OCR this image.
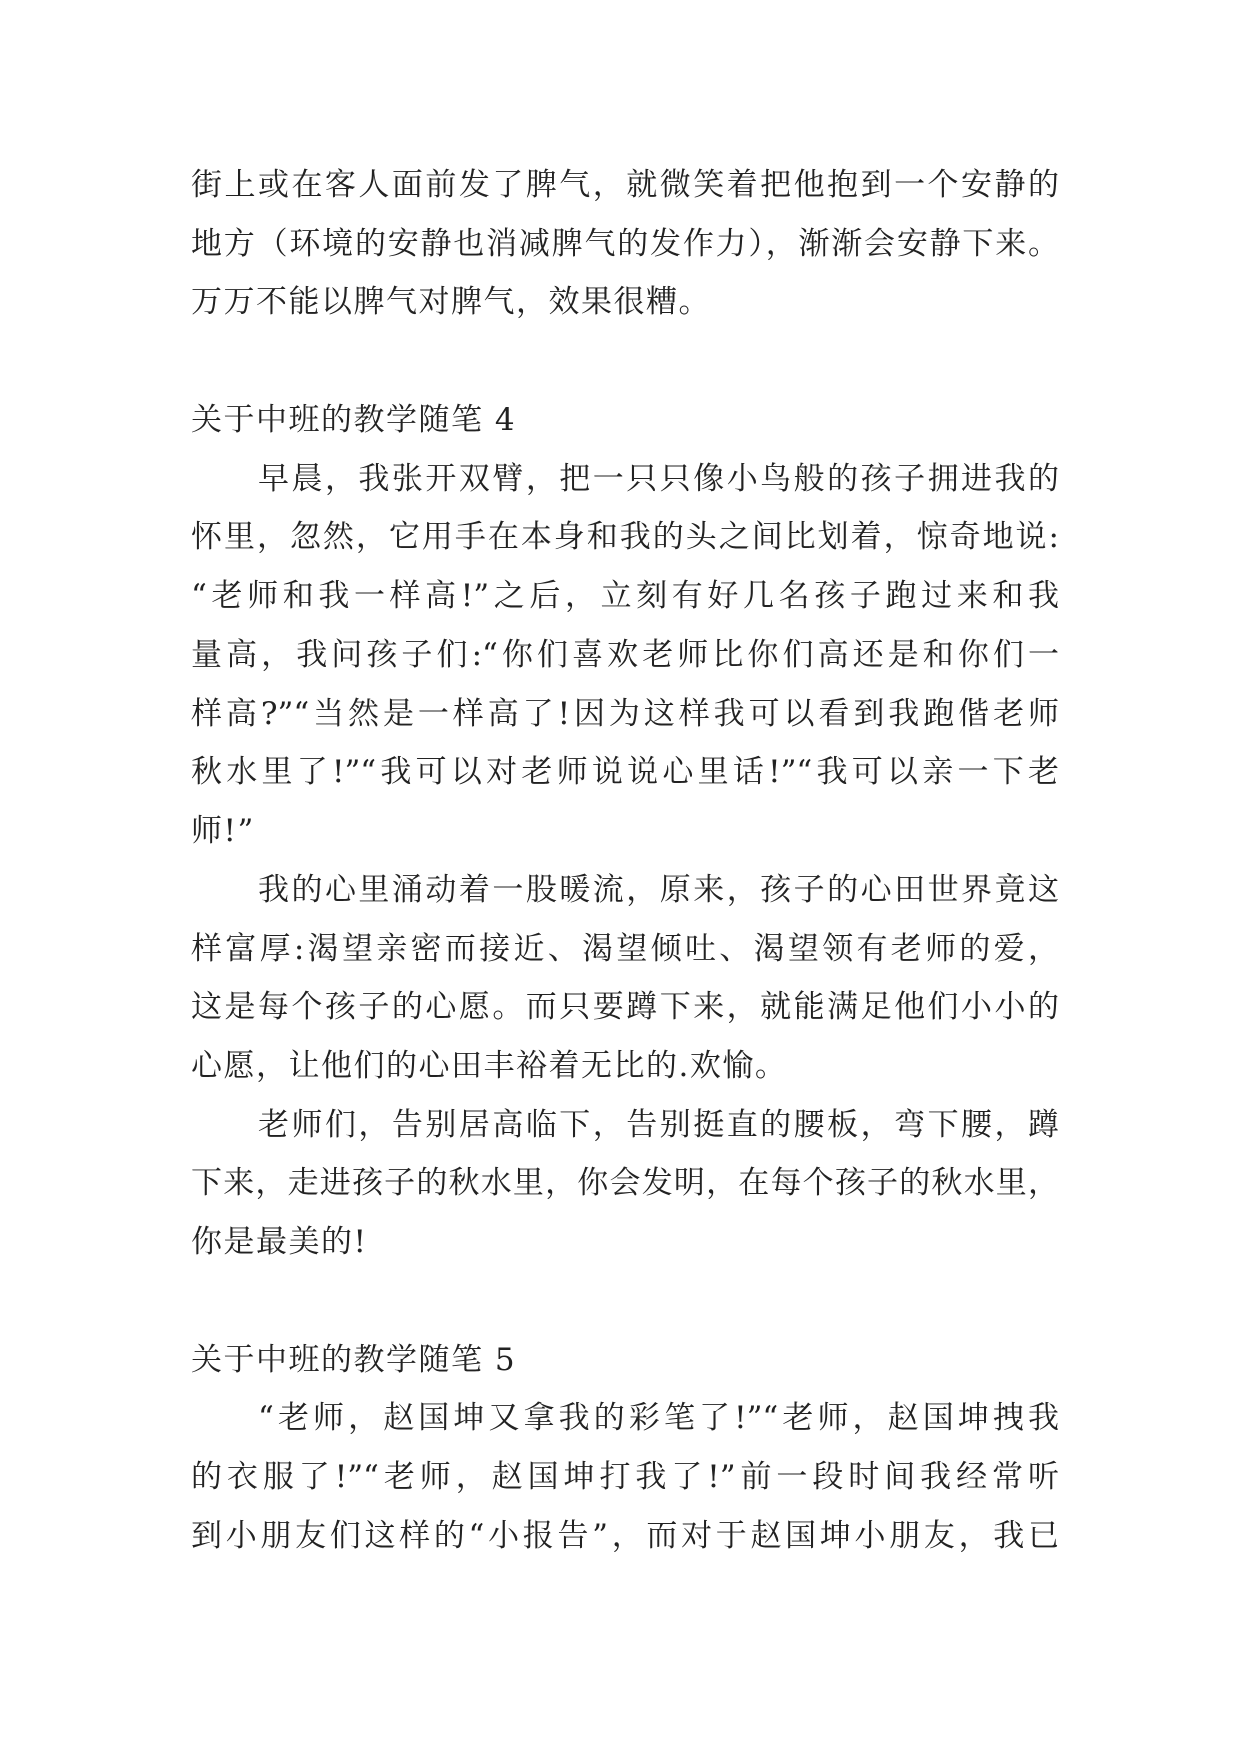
街上或在客人面前发了脾气，就微笑着把他抱到一个安静的
地方（环境的安静也消减脾气的发作力），渐渐会安静下来。
万万不能以脾气对脾气，效果很糟。
关于中班的教学随笔 4
早晨，我张开双臂，把一只只像小鸟般的孩子拥进我的
怀里，忽然，它用手在本身和我的头之间比划着，惊奇地说:
“老师和我一样高!”之后，立刻有好几名孩子跑过来和我
量高，我问孩子们:“你们喜欢老师比你们高还是和你们一
样高?”“当然是一样高了!因为这样我可以看到我跑偕老师
秋水里了!”“我可以对老师说说心里话!”“我可以亲一下老
师!”
我的心里涌动着一股暖流，原来，孩子的心田世界竟这
样富厚:渴望亲密而接近、渴望倾吐、渴望领有老师的爱，
这是每个孩子的心愿。而只要蹲下来，就能满足他们小小的
心愿，让他们的心田丰裕着无比的.欢愉。
老师们，告别居高临下，告别挺直的腰板，弯下腰，蹲
下来，走进孩子的秋水里，你会发明，在每个孩子的秋水里，
你是最美的!
关于中班的教学随笔 5
“老师，赵国坤又拿我的彩笔了!”“老师，赵国坤拽我
的衣服了!”“老师，赵国坤打我了!”前一段时间我经常听
到小朋友们这样的“小报告”，而对于赵国坤小朋友，我已
